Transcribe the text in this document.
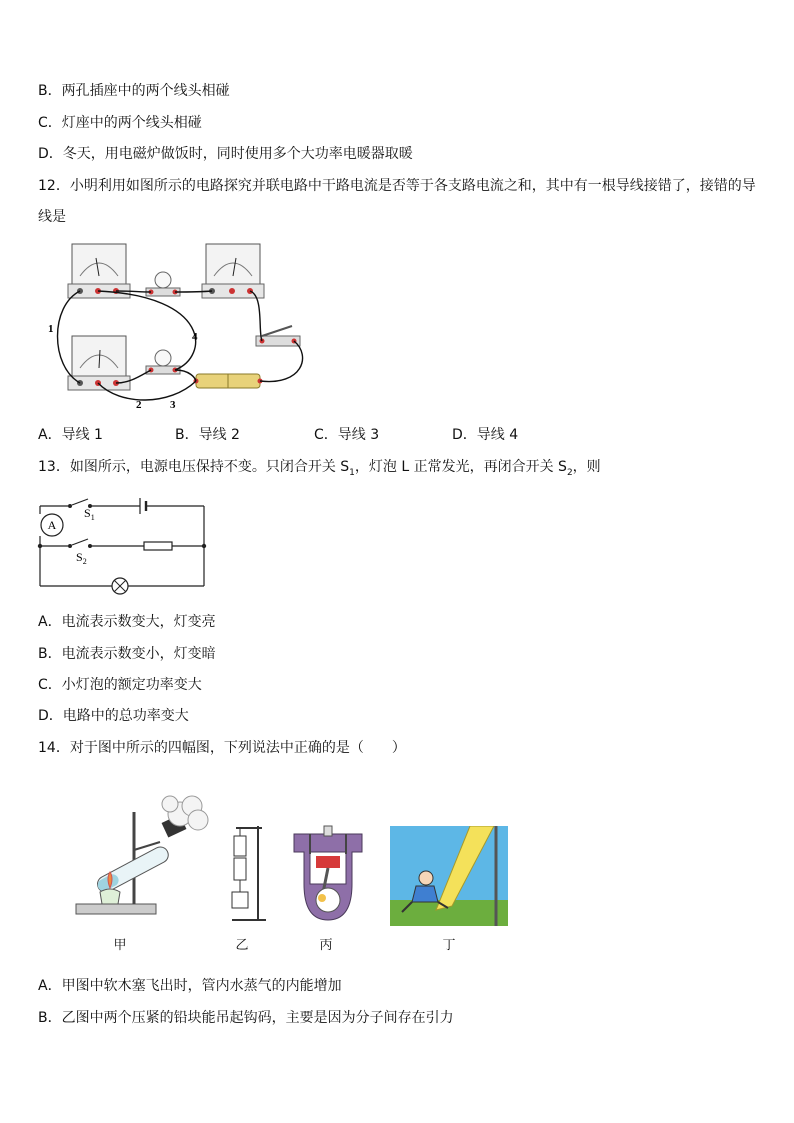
B．两孔插座中的两个线头相碰
C．灯座中的两个线头相碰
D．冬天，用电磁炉做饭时，同时使用多个大功率电暖器取暖
12．小明利用如图所示的电路探究并联电路中干路电流是否等于各支路电流之和，其中有一根导线接错了，接错的导
线是
1
2	3
4
A．导线 1	B．导线 2	C．导线 3	D．导线 4
13．如图所示，电源电压保持不变。只闭合开关 $S_1$，灯泡 L 正常发光，再闭合开关 $S_2$，则
A
$S_1$
$S_2$
A．电流表示数变大，灯变亮
B．电流表示数变小，灯变暗
C．小灯泡的额定功率变大
D．电路中的总功率变大
14．对于图中所示的四幅图，下列说法中正确的是（　　）
甲	乙	丙	丁
A．甲图中软木塞飞出时，管内水蒸气的内能增加
B．乙图中两个压紧的铅块能吊起钩码，主要是因为分子间存在引力
